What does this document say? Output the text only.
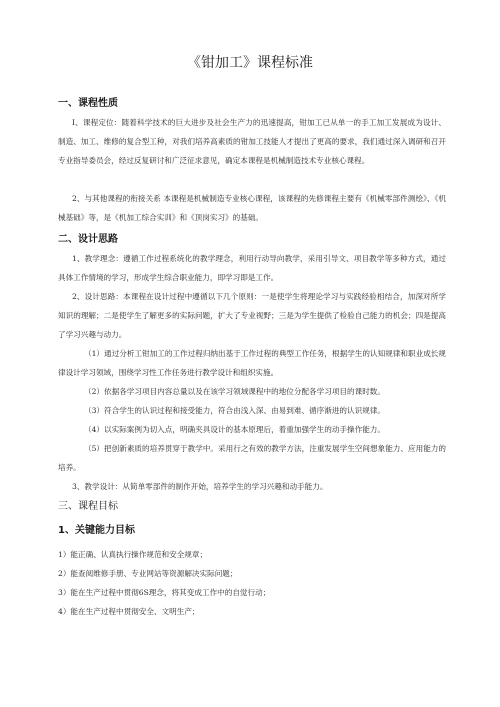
《钳加工》课程标准
一、课程性质
Ⅰ、课程定位：随着科学技术的巨大进步及社会生产力的迅速提高，钳加工已从单一的手工加工发展成为设计、制造、加工、维修的复合型工种，对我们培养高素质的钳加工技能人才提出了更高的要求，我们通过深入调研和召开专业指导委员会，经过反复研讨和广泛征求意见，确定本课程是机械制造技术专业核心课程。
2、与其他课程的衔接关系 本课程是机械制造专业核心课程，该课程的先修课程主要有《机械零部件测绘》、《机械基础》等，是《机加工综合实训》和《顶岗实习》的基础。
二、设计思路
1、教学理念：遵循工作过程系统化的教学理念，利用行动导向教学，采用引导文、项目教学等多种方式，通过具体工作情境的学习，形成学生综合职业能力，即学习即是工作。
2、设计思路：本课程在设计过程中遵循以下几个原则：一是使学生将理论学习与实践经验相结合，加深对所学知识的理解；二是使学生了解更多的实际问题，扩大了专业视野；三是为学生提供了检验自己能力的机会；四是提高了学习兴趣与动力。
（1）通过分析工钳加工的工作过程归纳出基于工作过程的典型工作任务，根据学生的认知规律和职业成长规律设计学习领域，围绕学习性工作任务进行教学设计和组织实施。
（2）依据各学习项目内容总量以及在该学习领域课程中的地位分配各学习项目的课时数。
（3）符合学生的认识过程和接受能力，符合由浅入深、由易到难、循序渐进的认识规律。
（4）以实际案例为切入点，明确夹具设计的基本原理后，着重加强学生的动手操作能力。
（5）把创新素质的培养贯穿于教学中。采用行之有效的教学方法，注重发展学生空间想象能力、应用能力的培养。
3、教学设计：从简单零部件的制作开始，培养学生的学习兴趣和动手能力。
三、课程目标
1、关键能力目标
1）能正确、认真执行操作规范和安全规章；
2）能查阅维修手册、专业网站等资源解决实际问题；
3）能在生产过程中贯彻6S理念，将其变成工作中的自觉行动；
4）能在生产过程中贯彻安全、文明生产；
